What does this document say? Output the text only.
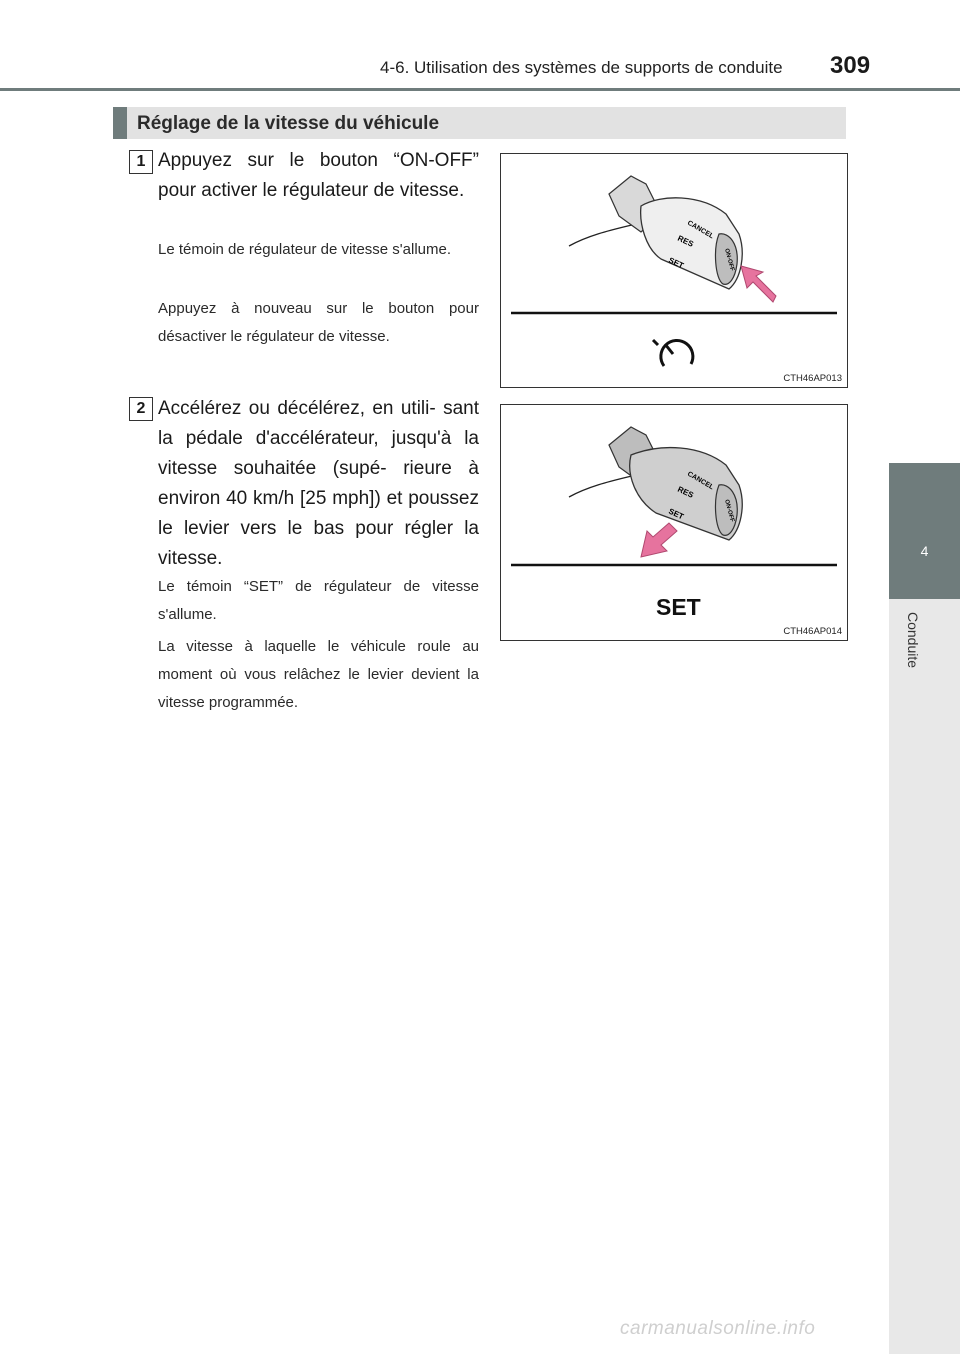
4-6. Utilisation des systèmes de supports de conduite 309
4
Conduite
Réglage de la vitesse du véhicule
1 Appuyez sur le bouton “ON-OFF” pour activer le régulateur de vitesse.
Le témoin de régulateur de vitesse s'allume.
Appuyez à nouveau sur le bouton pour désactiver le régulateur de vitesse.
CANCEL
RES
SET	ON-OFF
CTH46AP013
2 Accélérez ou décélérez, en utili- sant la pédale d'accélérateur, jusqu'à la vitesse souhaitée (supé- rieure à environ 40 km/h [25 mph]) et poussez le levier vers le bas pour régler la vitesse.
Le témoin “SET” de régulateur de vitesse s'allume.
La vitesse à laquelle le véhicule roule au moment où vous relâchez le levier devient la vitesse programmée.
CANCEL
RES
SET	ON-OFF
SET
CTH46AP014
carmanualsonline.info
